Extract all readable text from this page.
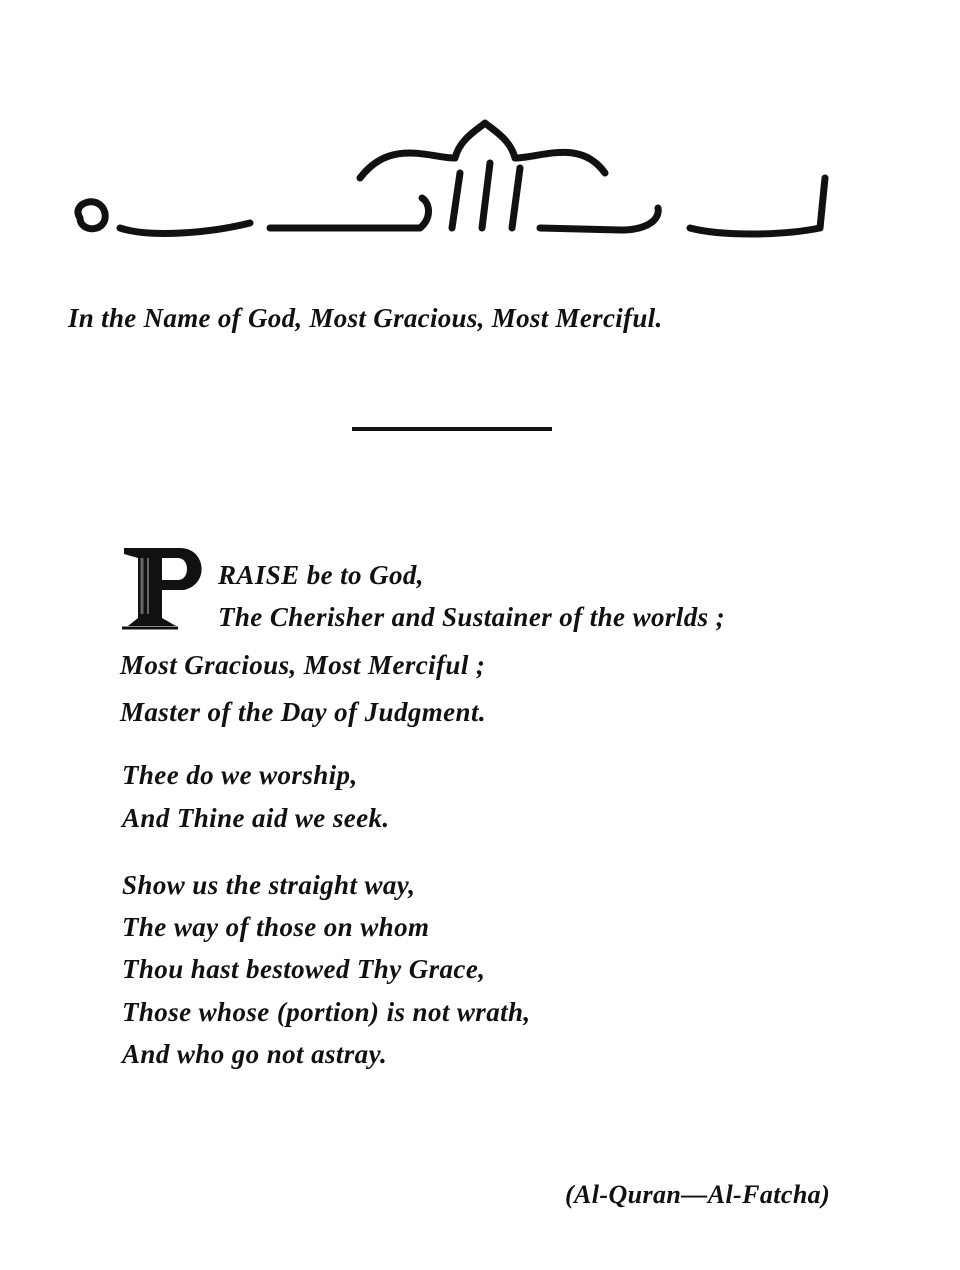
In the Name of God, Most Gracious, Most Merciful.
RAISE be to God,
The Cherisher and Sustainer of the worlds ;
Most Gracious, Most Merciful ;
Master of the Day of Judgment.
Thee do we worship,
And Thine aid we seek.
Show us the straight way,
The way of those on whom
Thou hast bestowed Thy Grace,
Those whose (portion) is not wrath,
And who go not astray.
(Al-Quran—Al-Fatcha)
